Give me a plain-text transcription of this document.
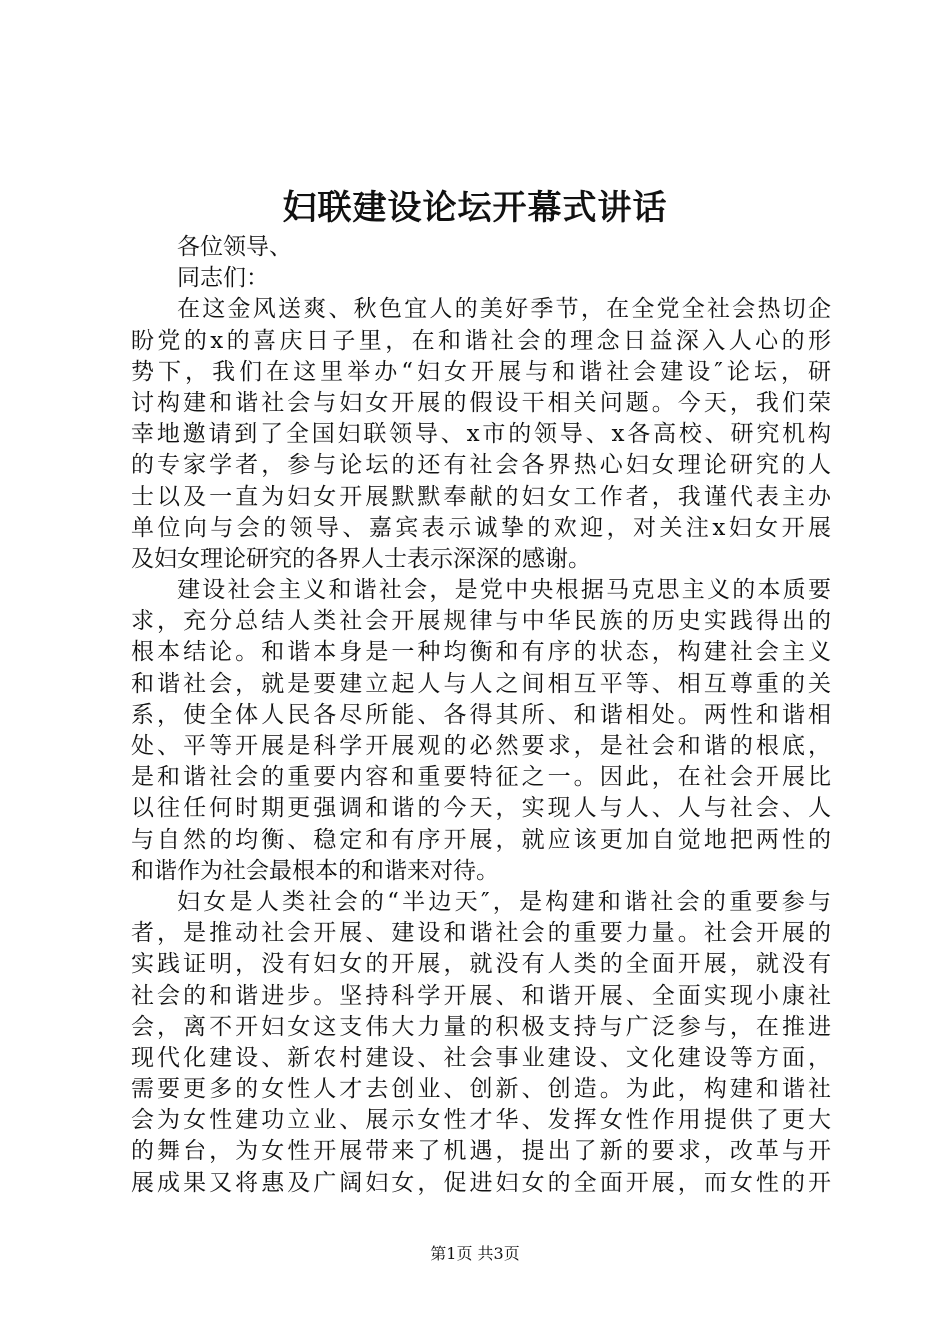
妇联建设论坛开幕式讲话
各位领导、
同志们：
在这金风送爽、秋色宜人的美好季节，在全党全社会热切企
盼党的x的喜庆日子里，在和谐社会的理念日益深入人心的形
势下，我们在这里举办“妇女开展与和谐社会建设″论坛，研
讨构建和谐社会与妇女开展的假设干相关问题。今天，我们荣
幸地邀请到了全国妇联领导、x市的领导、x各高校、研究机构
的专家学者，参与论坛的还有社会各界热心妇女理论研究的人
士以及一直为妇女开展默默奉献的妇女工作者，我谨代表主办
单位向与会的领导、嘉宾表示诚挚的欢迎，对关注x妇女开展
及妇女理论研究的各界人士表示深深的感谢。
建设社会主义和谐社会，是党中央根据马克思主义的本质要
求，充分总结人类社会开展规律与中华民族的历史实践得出的
根本结论。和谐本身是一种均衡和有序的状态，构建社会主义
和谐社会，就是要建立起人与人之间相互平等、相互尊重的关
系，使全体人民各尽所能、各得其所、和谐相处。两性和谐相
处、平等开展是科学开展观的必然要求，是社会和谐的根底，
是和谐社会的重要内容和重要特征之一。因此，在社会开展比
以往任何时期更强调和谐的今天，实现人与人、人与社会、人
与自然的均衡、稳定和有序开展，就应该更加自觉地把两性的
和谐作为社会最根本的和谐来对待。
妇女是人类社会的“半边天″，是构建和谐社会的重要参与
者，是推动社会开展、建设和谐社会的重要力量。社会开展的
实践证明，没有妇女的开展，就没有人类的全面开展，就没有
社会的和谐进步。坚持科学开展、和谐开展、全面实现小康社
会，离不开妇女这支伟大力量的积极支持与广泛参与，在推进
现代化建设、新农村建设、社会事业建设、文化建设等方面，
需要更多的女性人才去创业、创新、创造。为此，构建和谐社
会为女性建功立业、展示女性才华、发挥女性作用提供了更大
的舞台，为女性开展带来了机遇，提出了新的要求，改革与开
展成果又将惠及广阔妇女，促进妇女的全面开展，而女性的开
第1页 共3页
